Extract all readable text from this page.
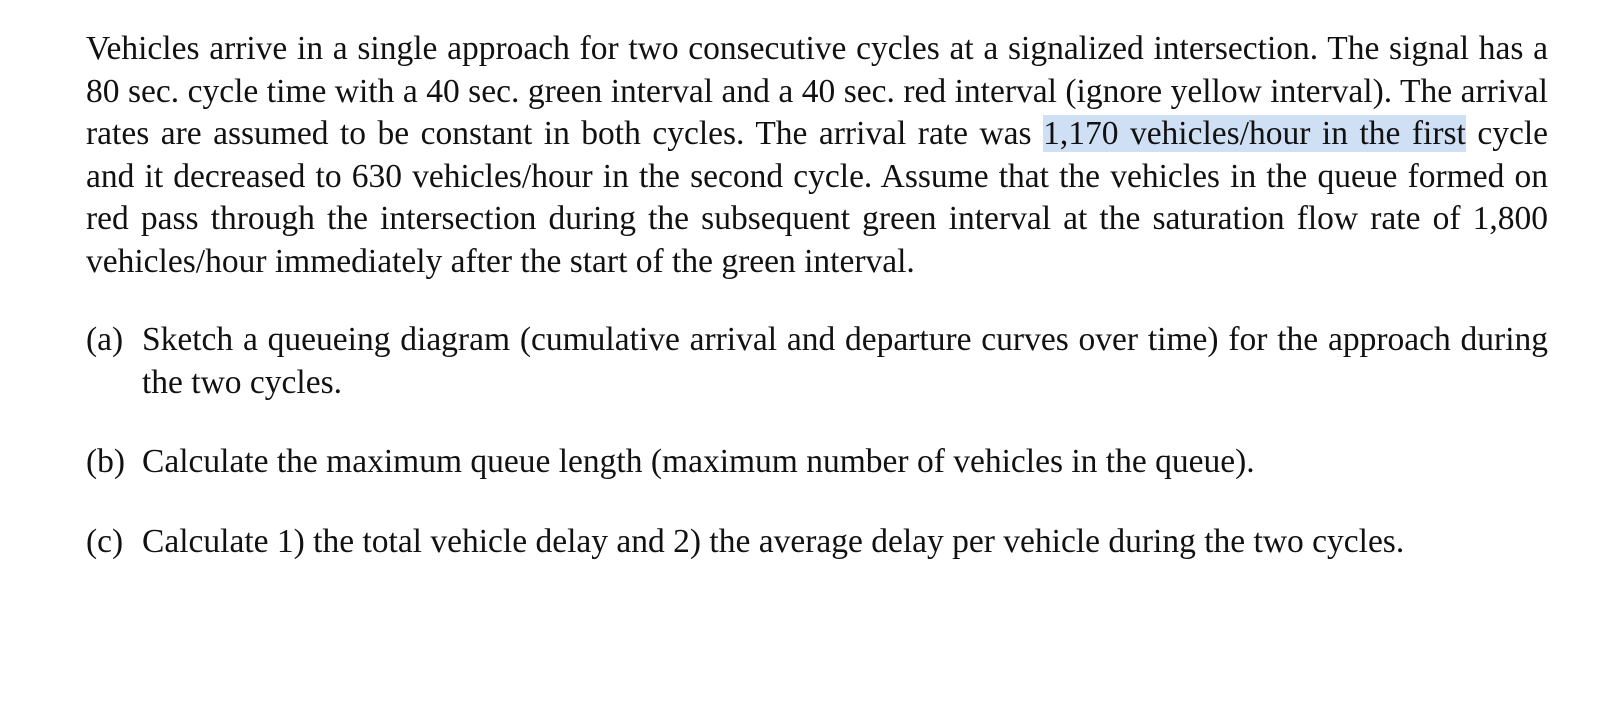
Vehicles arrive in a single approach for two consecutive cycles at a signalized intersection. The signal has a 80 sec. cycle time with a 40 sec. green interval and a 40 sec. red interval (ignore yellow interval). The arrival rates are assumed to be constant in both cycles. The arrival rate was 1,170 vehicles/hour in the first cycle and it decreased to 630 vehicles/hour in the second cycle. Assume that the vehicles in the queue formed on red pass through the intersection during the subsequent green interval at the saturation flow rate of 1,800 vehicles/hour immediately after the start of the green interval.

(a) Sketch a queueing diagram (cumulative arrival and departure curves over time) for the approach during the two cycles.
(b) Calculate the maximum queue length (maximum number of vehicles in the queue).
(c) Calculate 1) the total vehicle delay and 2) the average delay per vehicle during the two cycles.
